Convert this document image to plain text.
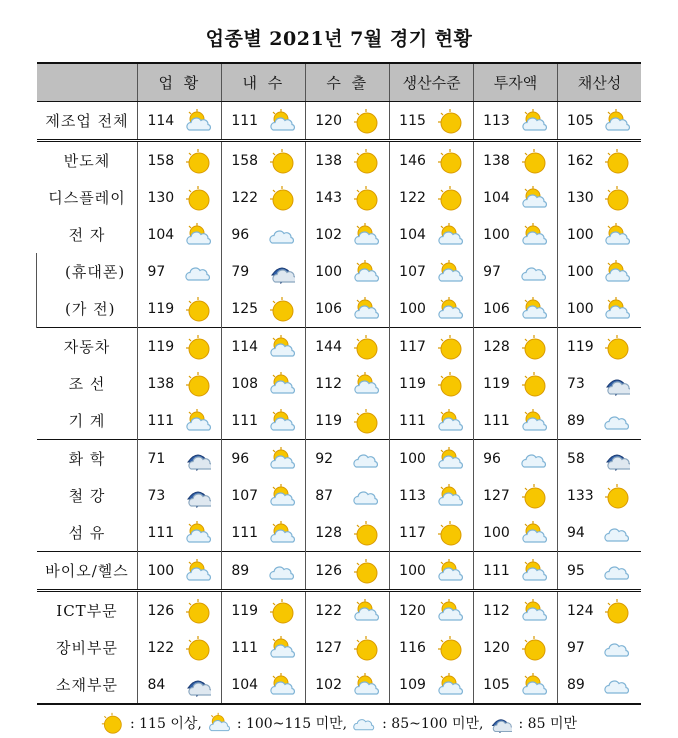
업종별 2021년 7월 경기 현황
	업 황		내 수		수 출		생산수준		투자액		채산성	
제조업 전체	114		111		120		115		113		105	

반도체	158		158		138		146		138		162	

디스플레이	130		122		143		122		104		130	

전 자	104		96		102		104		100		100	

(휴대폰)	97		79		100		107		97		100	

(가 전)	119		125		106		100		106		100	

자동차	119		114		144		117		128		119	

조 선	138		108		112		119		119		73	

기 계	111		111		119		111		111		89	

화 학	71		96		92		100		96		58	

철 강	73		107		87		113		127		133	

섬 유	111		111		128		117		100		94	

바이오/헬스	100		89		126		100		111		95	

ICT부문	126		119		122		120		112		124	

장비부문	122		111		127		116		120		97	

소재부문	84		104		102		109		105		89	
: 115 이상,	: 100~115 미만,	: 85~100 미만,	: 85 미만
